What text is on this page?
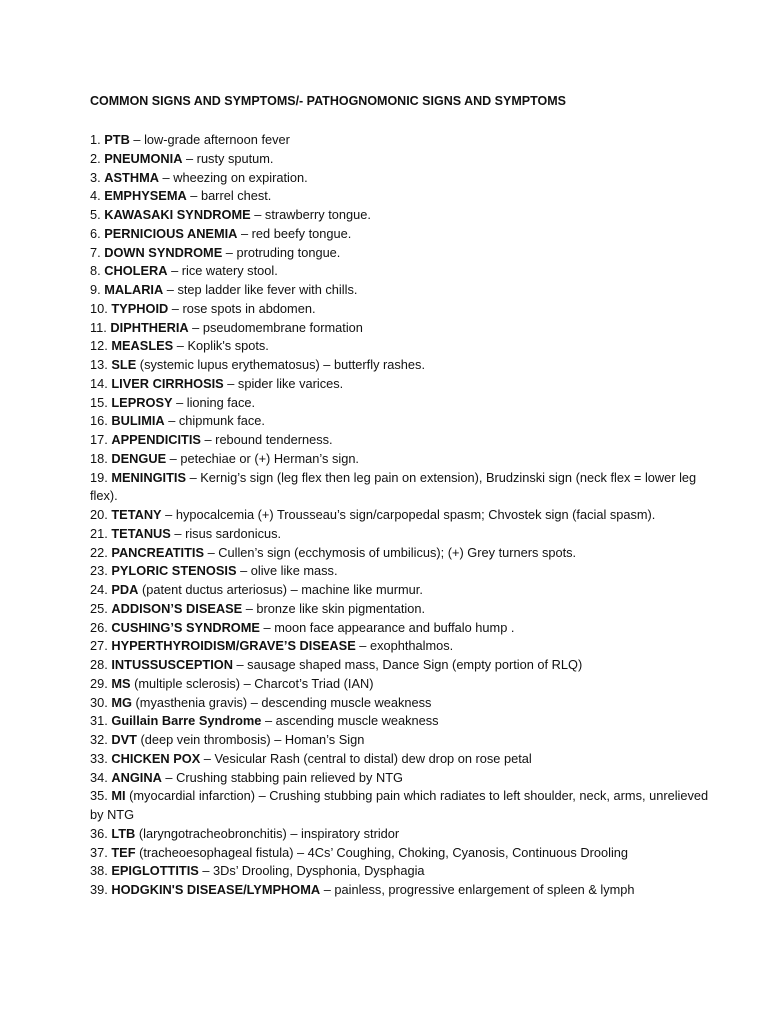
COMMON SIGNS AND SYMPTOMS/- PATHOGNOMONIC SIGNS AND SYMPTOMS
1. PTB – low-grade afternoon fever
2. PNEUMONIA – rusty sputum.
3. ASTHMA – wheezing on expiration.
4. EMPHYSEMA – barrel chest.
5. KAWASAKI SYNDROME – strawberry tongue.
6. PERNICIOUS ANEMIA – red beefy tongue.
7. DOWN SYNDROME – protruding tongue.
8. CHOLERA – rice watery stool.
9. MALARIA – step ladder like fever with chills.
10. TYPHOID – rose spots in abdomen.
11. DIPHTHERIA – pseudomembrane formation
12. MEASLES – Koplik's spots.
13. SLE (systemic lupus erythematosus) – butterfly rashes.
14. LIVER CIRRHOSIS – spider like varices.
15. LEPROSY – lioning face.
16. BULIMIA – chipmunk face.
17. APPENDICITIS – rebound tenderness.
18. DENGUE – petechiae or (+) Herman’s sign.
19. MENINGITIS – Kernig’s sign (leg flex then leg pain on extension), Brudzinski sign (neck flex = lower leg flex).
20. TETANY – hypocalcemia (+) Trousseau’s sign/carpopedal spasm; Chvostek sign (facial spasm).
21. TETANUS – risus sardonicus.
22. PANCREATITIS – Cullen’s sign (ecchymosis of umbilicus); (+) Grey turners spots.
23. PYLORIC STENOSIS – olive like mass.
24. PDA (patent ductus arteriosus) – machine like murmur.
25. ADDISON’S DISEASE – bronze like skin pigmentation.
26. CUSHING’S SYNDROME – moon face appearance and buffalo hump .
27. HYPERTHYROIDISM/GRAVE’S DISEASE – exophthalmos.
28. INTUSSUSCEPTION – sausage shaped mass, Dance Sign (empty portion of RLQ)
29. MS (multiple sclerosis) – Charcot’s Triad (IAN)
30. MG (myasthenia gravis) – descending muscle weakness
31. Guillain Barre Syndrome – ascending muscle weakness
32. DVT (deep vein thrombosis) – Homan’s Sign
33. CHICKEN POX – Vesicular Rash (central to distal) dew drop on rose petal
34. ANGINA – Crushing stabbing pain relieved by NTG
35. MI (myocardial infarction) – Crushing stubbing pain which radiates to left shoulder, neck, arms, unrelieved by NTG
36. LTB (laryngotracheobronchitis) – inspiratory stridor
37. TEF (tracheoesophageal fistula) – 4Cs’ Coughing, Choking, Cyanosis, Continuous Drooling
38. EPIGLOTTITIS – 3Ds’ Drooling, Dysphonia, Dysphagia
39. HODGKIN'S DISEASE/LYMPHOMA – painless, progressive enlargement of spleen & lymph
